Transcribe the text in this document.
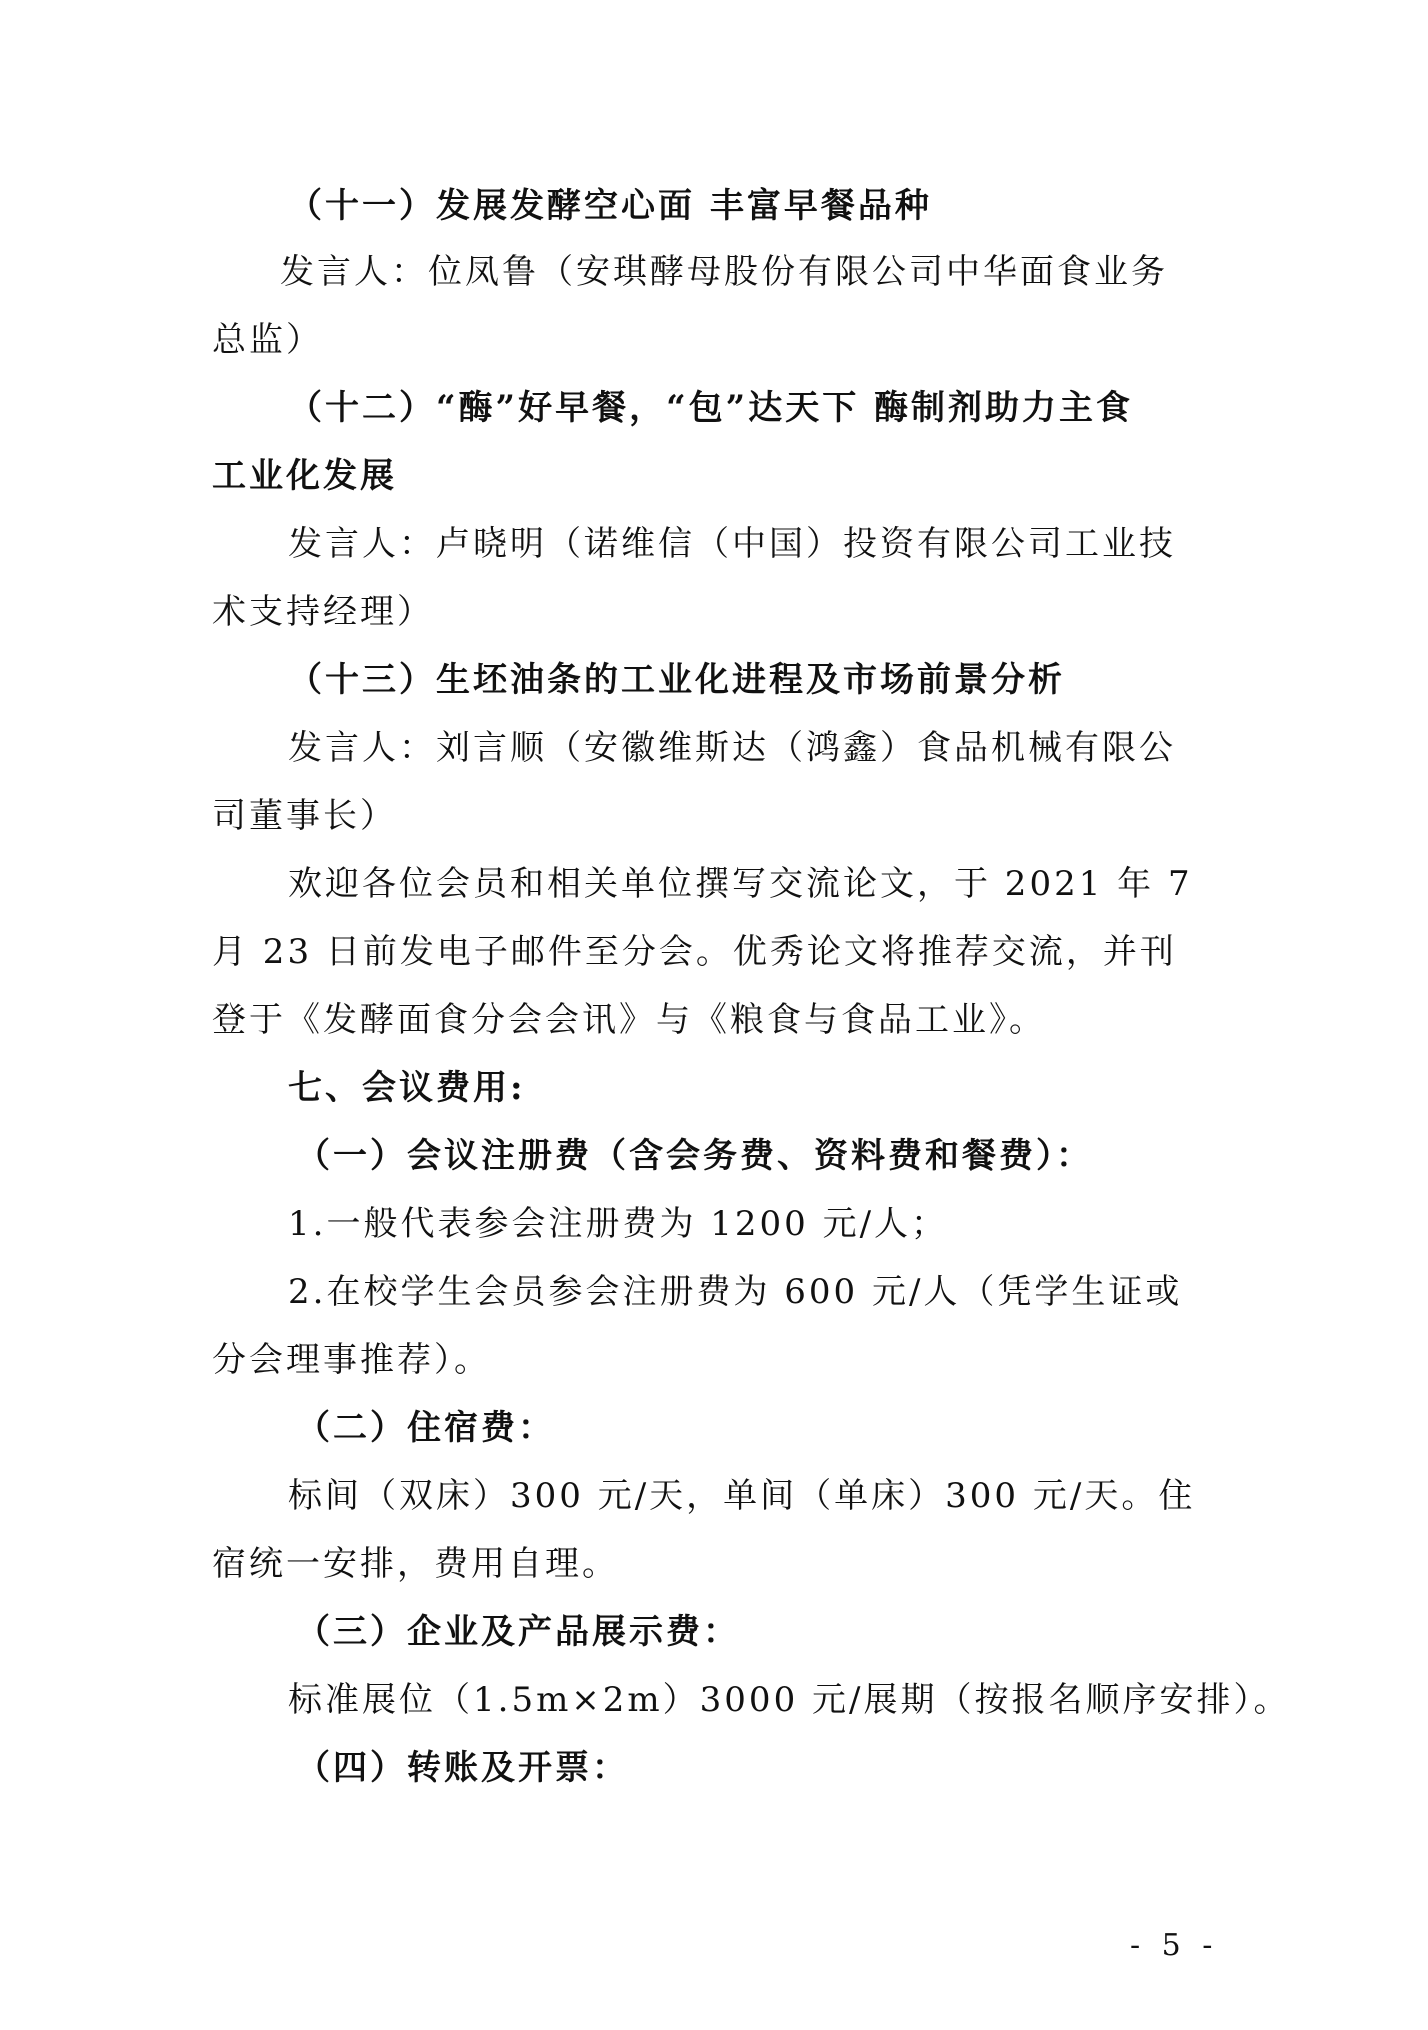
（十一）发展发酵空心面 丰富早餐品种
发言人：位凤鲁（安琪酵母股份有限公司中华面食业务
总监）
（十二）“酶”好早餐，“包”达天下 酶制剂助力主食
工业化发展
发言人：卢晓明（诺维信（中国）投资有限公司工业技
术支持经理）
（十三）生坯油条的工业化进程及市场前景分析
发言人：刘言顺（安徽维斯达（鸿鑫）食品机械有限公
司董事长）
欢迎各位会员和相关单位撰写交流论文，于 2021 年 7
月 23 日前发电子邮件至分会。优秀论文将推荐交流，并刊
登于《发酵面食分会会讯》与《粮食与食品工业》。
七、会议费用:
（一）会议注册费（含会务费、资料费和餐费）：
1.一般代表参会注册费为 1200 元/人；
2.在校学生会员参会注册费为 600 元/人（凭学生证或
分会理事推荐）。
（二）住宿费：
标间（双床）300 元/天，单间（单床）300 元/天。住
宿统一安排，费用自理。
（三）企业及产品展示费：
标准展位（1.5m×2m）3000 元/展期（按报名顺序安排）。
（四）转账及开票：
- 5 -
